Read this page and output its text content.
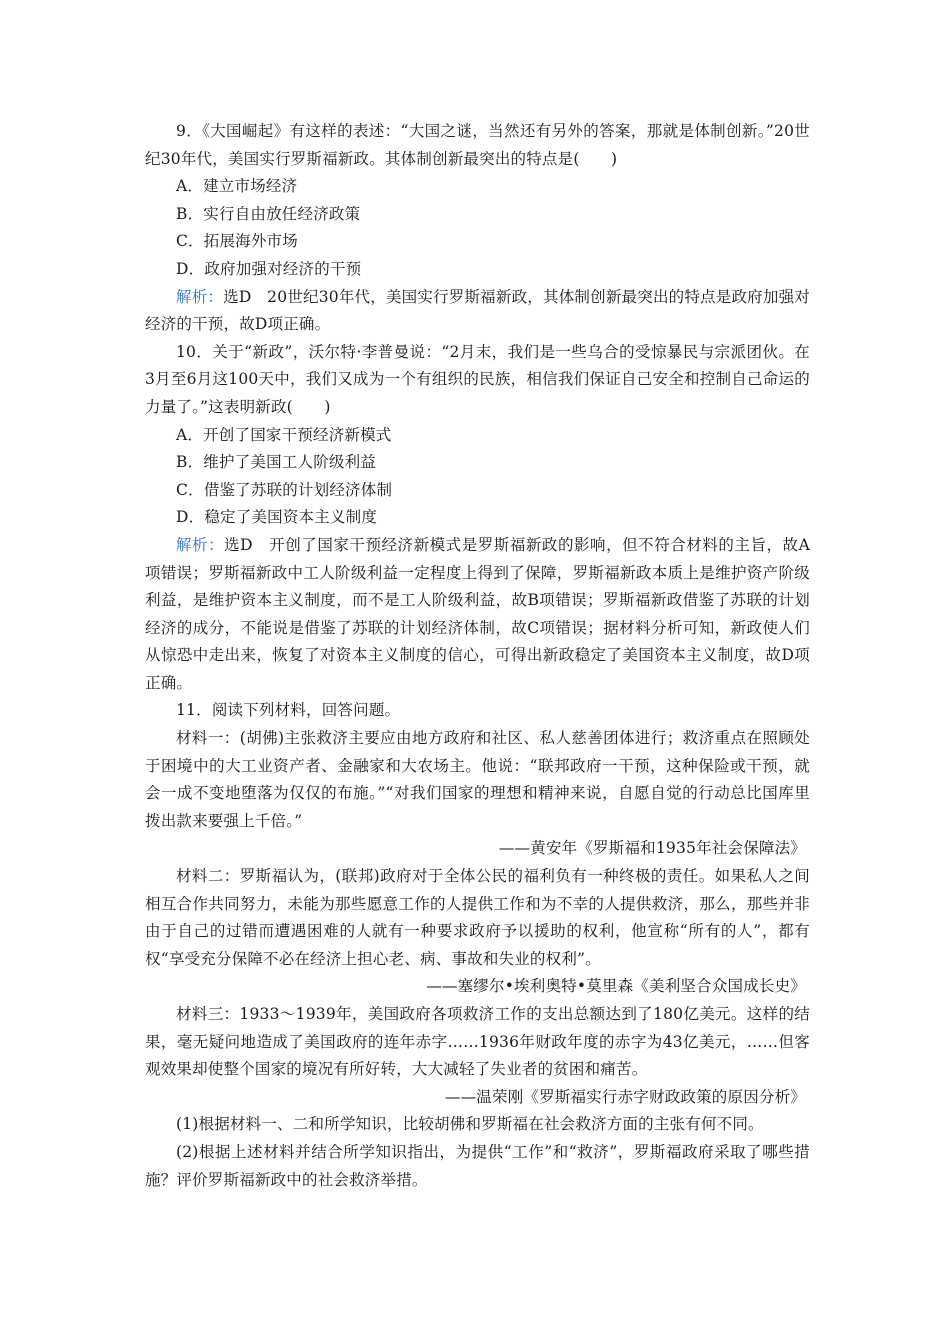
9．《大国崛起》有这样的表述：“大国之谜，当然还有另外的答案，那就是体制创新。”20世纪30年代，美国实行罗斯福新政。其体制创新最突出的特点是(　　)

A．建立市场经济

B．实行自由放任经济政策

C．拓展海外市场

D．政府加强对经济的干预

解析：选D　20世纪30年代，美国实行罗斯福新政，其体制创新最突出的特点是政府加强对经济的干预，故D项正确。

10．关于“新政”，沃尔特·李普曼说：“2月末，我们是一些乌合的受惊暴民与宗派团伙。在3月至6月这100天中，我们又成为一个有组织的民族，相信我们保证自己安全和控制自己命运的力量了。”这表明新政(　　)

A．开创了国家干预经济新模式

B．维护了美国工人阶级利益

C．借鉴了苏联的计划经济体制

D．稳定了美国资本主义制度

解析：选D　开创了国家干预经济新模式是罗斯福新政的影响，但不符合材料的主旨，故A项错误；罗斯福新政中工人阶级利益一定程度上得到了保障，罗斯福新政本质上是维护资产阶级利益，是维护资本主义制度，而不是工人阶级利益，故B项错误；罗斯福新政借鉴了苏联的计划经济的成分，不能说是借鉴了苏联的计划经济体制，故C项错误；据材料分析可知，新政使人们从惊恐中走出来，恢复了对资本主义制度的信心，可得出新政稳定了美国资本主义制度，故D项正确。

11．阅读下列材料，回答问题。

材料一：(胡佛)主张救济主要应由地方政府和社区、私人慈善团体进行；救济重点在照顾处于困境中的大工业资产者、金融家和大农场主。他说：“联邦政府一干预，这种保险或干预，就会一成不变地堕落为仅仅的布施。”“对我们国家的理想和精神来说，自愿自觉的行动总比国库里拨出款来要强上千倍。”

——黄安年《罗斯福和1935年社会保障法》

材料二：罗斯福认为，(联邦)政府对于全体公民的福利负有一种终极的责任。如果私人之间相互合作共同努力，未能为那些愿意工作的人提供工作和为不幸的人提供救济，那么，那些并非由于自己的过错而遭遇困难的人就有一种要求政府予以援助的权利，他宣称“所有的人”，都有权“享受充分保障不必在经济上担心老、病、事故和失业的权利”。

——塞缪尔•埃利奥特•莫里森《美利坚合众国成长史》

材料三：1933～1939年，美国政府各项救济工作的支出总额达到了180亿美元。这样的结果，毫无疑问地造成了美国政府的连年赤字……1936年财政年度的赤字为43亿美元，……但客观效果却使整个国家的境况有所好转，大大减轻了失业者的贫困和痛苦。

——温荣刚《罗斯福实行赤字财政政策的原因分析》

(1)根据材料一、二和所学知识，比较胡佛和罗斯福在社会救济方面的主张有何不同。

(2)根据上述材料并结合所学知识指出，为提供“工作”和“救济”，罗斯福政府采取了哪些措施？评价罗斯福新政中的社会救济举措。
